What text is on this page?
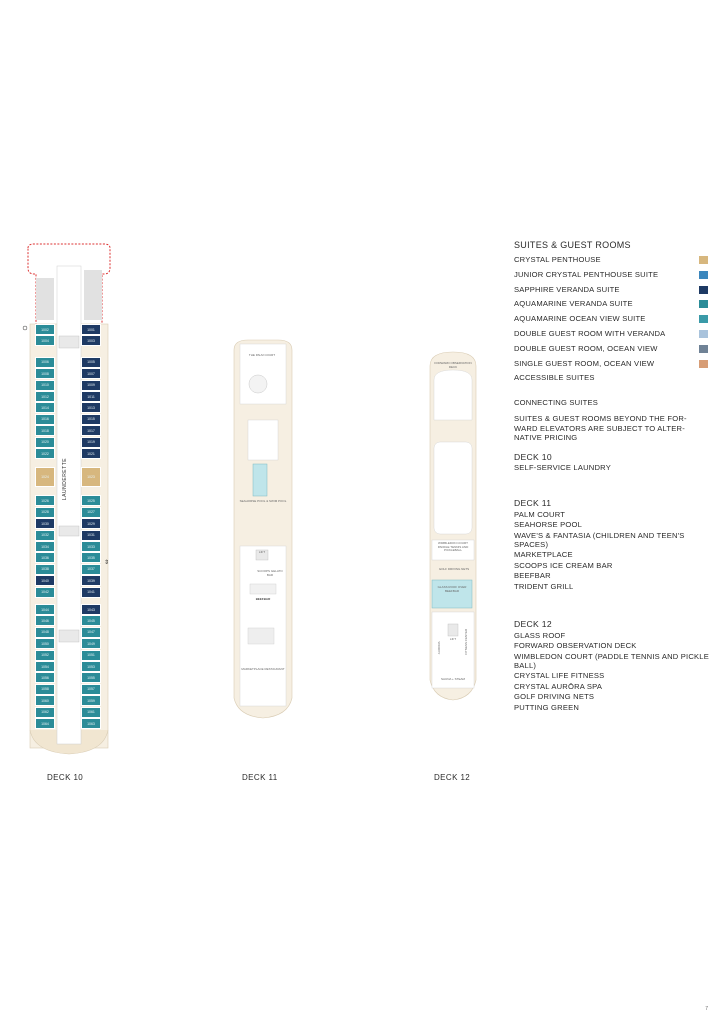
⇕
LAUNDERETTE
1002
1004
1006
1008
1010
1012
1014
1016
1018
1020
1022
1024
1026
1028
1030
1032
1034
1036
1038
1040
1042
1044
1046
1048
1050
1052
1054
1056
1058
1060
1062
1064
1001
1003
1005
1007
1009
1011
1013
1015
1017
1019
1021
1023
1025
1027
1029
1031
1033
1035
1037
1039
1041
1043
1045
1047
1049
1051
1053
1055
1057
1059
1061
1063
DECK 10
THE PALM COURT
SEAHORSE POOL & SWIM POOL
SCOOPS GELATO BAR
BEEFBAR
MARKETPLACE RESTAURANT
LIFT
DECK 11
FORWARD OBSERVATION DECK
WIMBLEDON COURT PADDLE TENNIS AND PICKLEBALL
GOLF DRIVING NETS
GLASS ROOF OVER BEEFBAR
LIFT
AURORA	FITNESS CENTER
SAUNA + STEAM
DECK 12
SUITES & GUEST ROOMS
CRYSTAL PENTHOUSE
JUNIOR CRYSTAL PENTHOUSE SUITE
SAPPHIRE VERANDA SUITE
AQUAMARINE VERANDA SUITE
AQUAMARINE OCEAN VIEW SUITE
DOUBLE GUEST ROOM WITH VERANDA
DOUBLE GUEST ROOM, OCEAN VIEW
SINGLE GUEST ROOM, OCEAN VIEW
ACCESSIBLE SUITES
CONNECTING SUITES
SUITES & GUEST ROOMS BEYOND THE FOR-
WARD ELEVATORS ARE SUBJECT TO ALTER-
NATIVE PRICING
DECK 10
SELF-SERVICE LAUNDRY
DECK 11
PALM COURT
SEAHORSE POOL
WAVE'S & FANTASIA (CHILDREN AND TEEN'S SPACES)
MARKETPLACE
SCOOPS ICE CREAM BAR
BEEFBAR
TRIDENT GRILL
DECK 12
GLASS ROOF
FORWARD OBSERVATION DECK
WIMBLEDON COURT (PADDLE TENNIS AND PICKLE BALL)
CRYSTAL LIFE FITNESS
CRYSTAL AURŌRA SPA
GOLF DRIVING NETS
PUTTING GREEN
7
